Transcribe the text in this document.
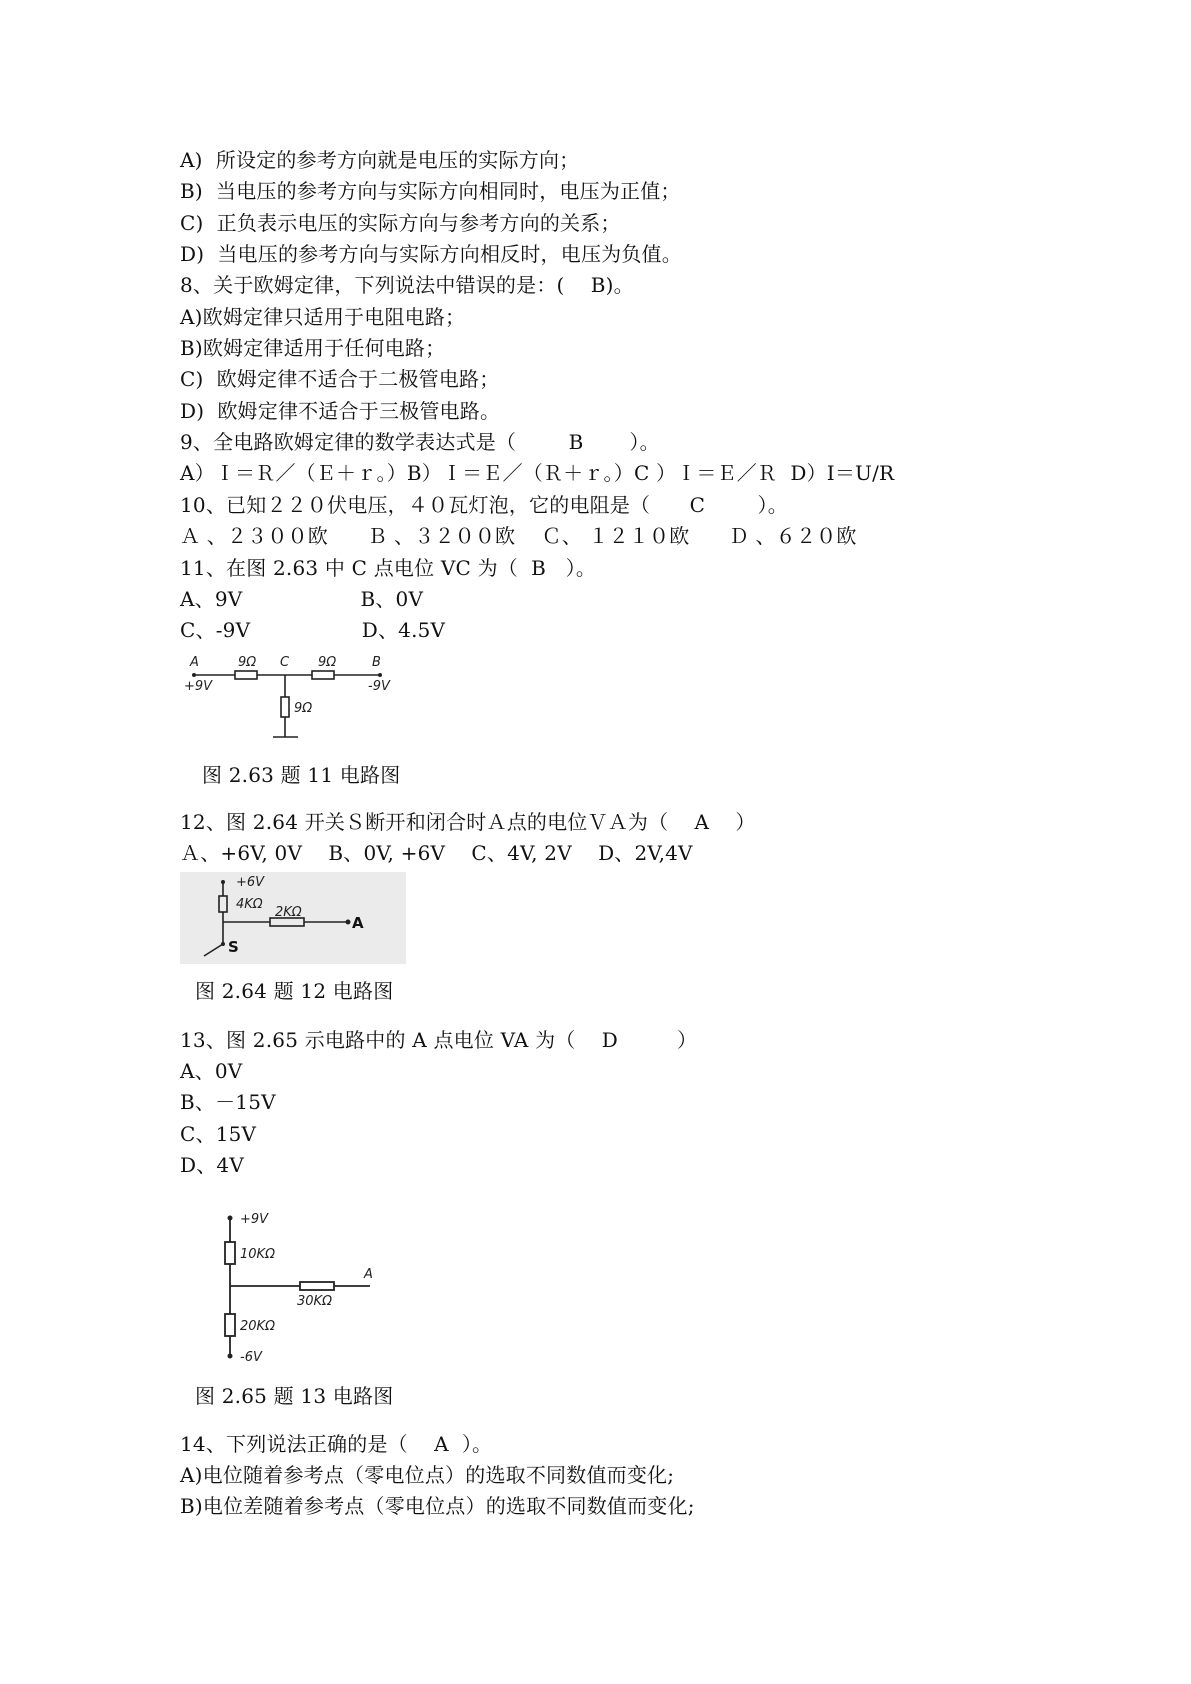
A)  所设定的参考方向就是电压的实际方向；
B)  当电压的参考方向与实际方向相同时，电压为正值；
C)  正负表示电压的实际方向与参考方向的关系；
D)  当电压的参考方向与实际方向相反时，电压为负值。
8、关于欧姆定律，下列说法中错误的是：(    B)。
A)欧姆定律只适用于电阻电路；
B)欧姆定律适用于任何电路；
C)  欧姆定律不适合于二极管电路；
D)  欧姆定律不适合于三极管电路。
9、全电路欧姆定律的数学表达式是（        B       ）。
A）Ｉ＝Ｒ／（Ｅ＋ｒ。）B）Ｉ＝Ｅ／（Ｒ＋ｒ。）C ）Ｉ＝Ｅ／Ｒ  D）I＝U/R
10、已知２２０伏电压，４０瓦灯泡，它的电阻是（      C        ）。
Ａ 、２３００欧      Ｂ 、３２００欧    Ｃ、 １２１０欧      Ｄ 、６２０欧
11、在图 2.63 中 C 点电位 VC 为（  B   ）。
A、9V                  B、0V
C、-9V                 D、4.5V
A
+9V
9Ω C 9Ω	B
-9V
9Ω
图 2.63 题 11 电路图
12、图 2.64 开关Ｓ断开和闭合时Ａ点的电位ＶＡ为（    A    ）
Ａ、+6V, 0V    B、0V, +6V    C、4V, 2V    D、2V,4V
+6V
4KΩ
2KΩ
A
S
图 2.64 题 12 电路图
13、图 2.65 示电路中的 A 点电位 VA 为（    D         ）
A、0V
B、－15V
C、15V
D、4V
+9V
10KΩ
A
30KΩ
20KΩ
-6V
图 2.65 题 13 电路图
14、下列说法正确的是（    A  ）。
A)电位随着参考点（零电位点）的选取不同数值而变化;
B)电位差随着参考点（零电位点）的选取不同数值而变化;
